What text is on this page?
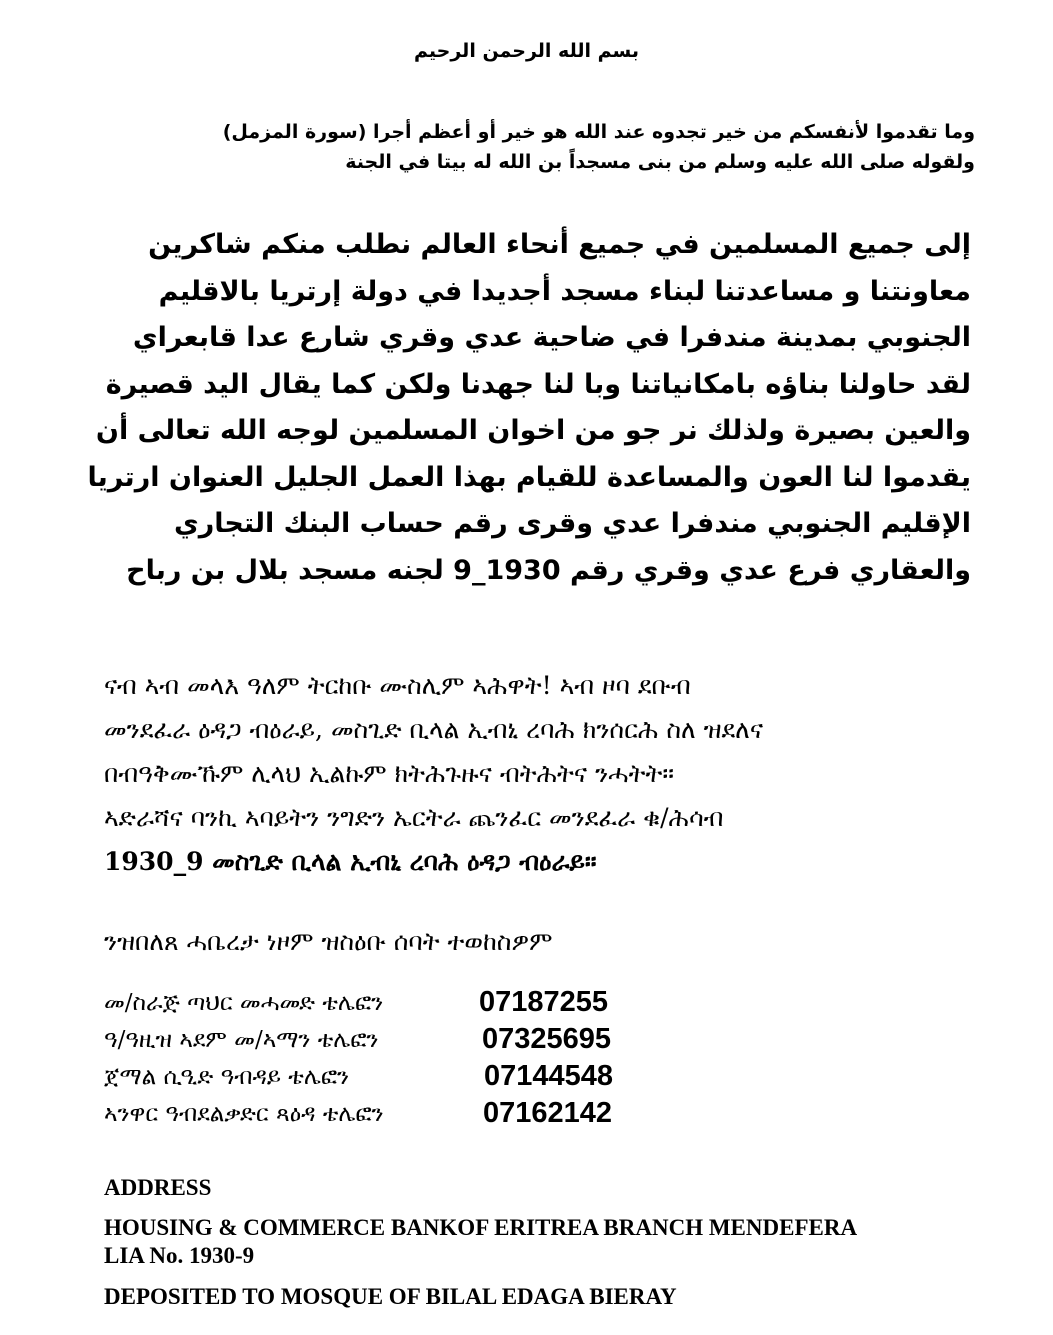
بسم الله الرحمن الرحيم
وما تقدموا لأنفسكم من خير تجدوه عند الله هو خير أو أعظم أجرا (سورة المزمل)
ولقوله صلى الله عليه وسلم من بنى مسجداً بن الله له بيتا في الجنة
إلى جميع المسلمين في جميع أنحاء العالم نطلب منكم شاكرين
معاونتنا و مساعدتنا لبناء مسجد أجديدا في دولة إرتريا بالاقليم
الجنوبي بمدينة مندفرا في ضاحية عدي وقري شارع عدا قابعراي
لقد حاولنا بناؤه بامكانياتنا وبا لنا جهدنا ولكن كما يقال اليد قصيرة
والعين بصيرة ولذلك نر جو من اخوان المسلمين لوجه الله تعالى أن
يقدموا لنا العون والمساعدة للقيام بهذا العمل الجليل العنوان ارتريا
الإقليم الجنوبي مندفرا عدي وقرى رقم حساب البنك التجاري
والعقاري فرع عدي وقري رقم 1930_9 لجنه مسجد بلال بن رباح
ናብ ኣብ መላእ ዓለም ትርከቡ ሙስሊም ኣሕዋት! ኣብ ዞባ ደቡብ
መንደፈራ ዕዳጋ ብዕራይ, መስጊድ ቢላል ኢብኒ ረባሕ ክንሰርሕ ስለ ዝደለና
በብዓቅሙኹም ሊላህ ኢልኩም ክትሕጉዙና ብትሕትና ንሓትት።
ኣድራሻና ባንኪ ኣባይትን ንግድን ኤርትራ ጨንፈር መንደፈራ ቁ/ሕሳብ
1930_9 መስጊድ ቢላል ኢብኒ ረባሕ ዕዳጋ ብዕራይ።
ንዝበለጸ ሓቤረታ ነዞም ዝስዕቡ ሰባት ተወከስዎም
መ/ስራጅ ጣህር መሓመድ ቴሌፎን	07187255
ዓ/ዓዚዝ ኣደም መ/ኣማን ቴሌፎን	07325695
ጀማል ሲዒድ ዓብዳይ ቴሌፎን	07144548
ኣንዋር ዓብደልቃድር ጻዕዳ ቴሌፎን	07162142
ADDRESS
HOUSING & COMMERCE BANKOF ERITREA BRANCH MENDEFERA
LIA No. 1930-9
DEPOSITED TO MOSQUE OF BILAL EDAGA BIERAY
